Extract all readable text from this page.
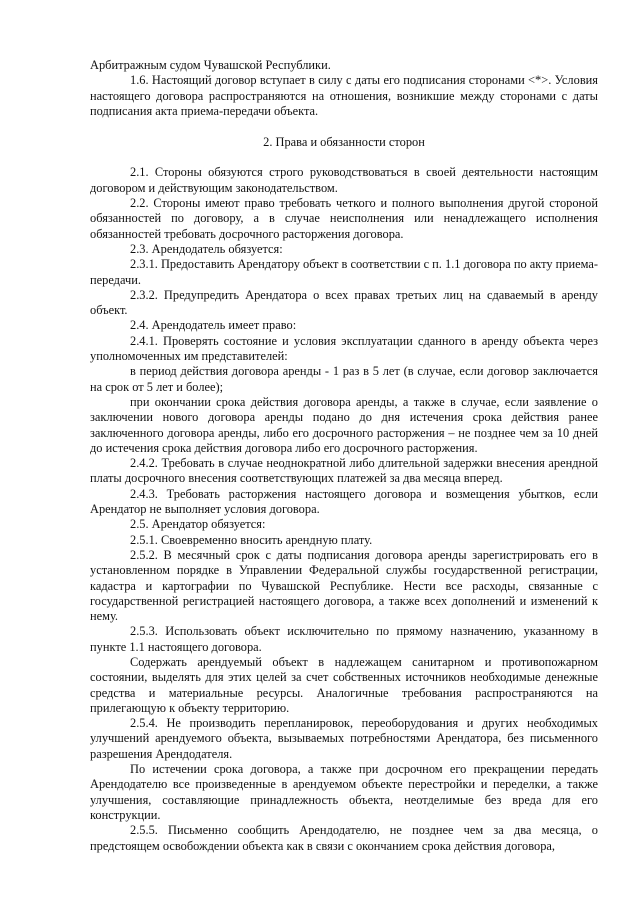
Арбитражным судом Чувашской Республики.

1.6. Настоящий договор вступает в силу с даты его подписания сторонами <*>. Условия настоящего договора распространяются на отношения, возникшие между сторонами с даты подписания акта приема-передачи объекта.

2. Права и обязанности сторон

2.1. Стороны обязуются строго руководствоваться в своей деятельности настоящим договором и действующим законодательством.

2.2. Стороны имеют право требовать четкого и полного выполнения другой стороной обязанностей по договору, а в случае неисполнения или ненадлежащего исполнения обязанностей требовать досрочного расторжения договора.

2.3. Арендодатель обязуется:

2.3.1. Предоставить Арендатору объект в соответствии с п. 1.1 договора по акту приема-передачи.

2.3.2. Предупредить Арендатора о всех правах третьих лиц на сдаваемый в аренду объект.

2.4. Арендодатель имеет право:

2.4.1. Проверять состояние и условия эксплуатации сданного в аренду объекта через уполномоченных им представителей:

в период действия договора аренды - 1 раз в 5 лет (в случае, если договор заключается на срок от 5 лет и более);

при окончании срока действия договора аренды, а также в случае, если заявление о заключении нового договора аренды подано до дня истечения срока действия ранее заключенного договора аренды, либо его досрочного расторжения – не позднее чем за 10 дней до истечения срока действия договора либо его досрочного расторжения.

2.4.2. Требовать в случае неоднократной либо длительной задержки внесения арендной платы досрочного внесения соответствующих платежей за два месяца вперед.

2.4.3. Требовать расторжения настоящего договора и возмещения убытков, если Арендатор не выполняет условия договора.

2.5. Арендатор обязуется:

2.5.1. Своевременно вносить арендную плату.

2.5.2. В месячный срок с даты подписания договора аренды зарегистрировать его в установленном порядке в Управлении Федеральной службы государственной регистрации, кадастра и картографии по Чувашской Республике. Нести все расходы, связанные с государственной регистрацией настоящего договора, а также всех дополнений и изменений к нему.

2.5.3. Использовать объект исключительно по прямому назначению, указанному в пункте 1.1 настоящего договора.

Содержать арендуемый объект в надлежащем санитарном и противопожарном состоянии, выделять для этих целей за счет собственных источников необходимые денежные средства и материальные ресурсы. Аналогичные требования распространяются на прилегающую к объекту территорию.

2.5.4. Не производить перепланировок, переоборудования и других необходимых улучшений арендуемого объекта, вызываемых потребностями Арендатора, без письменного разрешения Арендодателя.

По истечении срока договора, а также при досрочном его прекращении передать Арендодателю все произведенные в арендуемом объекте перестройки и переделки, а также улучшения, составляющие принадлежность объекта, неотделимые без вреда для его конструкции.

2.5.5. Письменно сообщить Арендодателю, не позднее чем за два месяца, о предстоящем освобождении объекта как в связи с окончанием срока действия договора,
